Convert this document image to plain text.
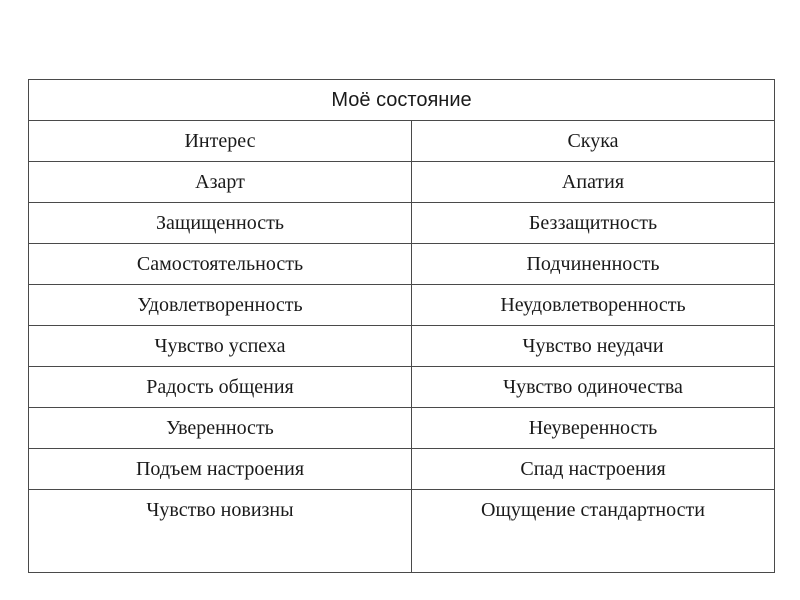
Моё состояние	
Интерес	Скука
Азарт	Апатия
Защищенность	Беззащитность
Самостоятельность	Подчиненность
Удовлетворенность	Неудовлетворенность
Чувство успеха	Чувство неудачи
Радость общения	Чувство одиночества
Уверенность	Неуверенность
Подъем настроения	Спад настроения
Чувство новизны	Ощущение стандартности
